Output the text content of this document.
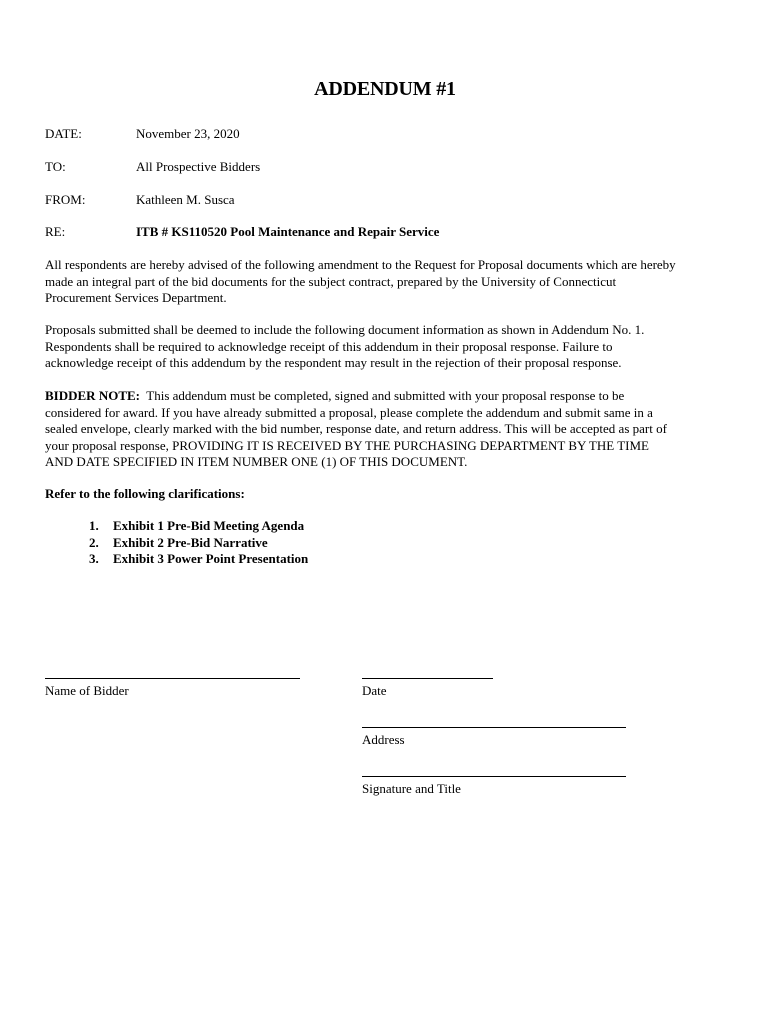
ADDENDUM #1
DATE:	November 23, 2020
TO:	All Prospective Bidders
FROM:	Kathleen M. Susca
RE:	ITB # KS110520 Pool Maintenance and Repair Service
All respondents are hereby advised of the following amendment to the Request for Proposal documents which are hereby
made an integral part of the bid documents for the subject contract, prepared by the University of Connecticut
Procurement Services Department.
Proposals submitted shall be deemed to include the following document information as shown in Addendum No. 1.
Respondents shall be required to acknowledge receipt of this addendum in their proposal response. Failure to
acknowledge receipt of this addendum by the respondent may result in the rejection of their proposal response.
BIDDER NOTE:  This addendum must be completed, signed and submitted with your proposal response to be
considered for award. If you have already submitted a proposal, please complete the addendum and submit same in a
sealed envelope, clearly marked with the bid number, response date, and return address. This will be accepted as part of
your proposal response, PROVIDING IT IS RECEIVED BY THE PURCHASING DEPARTMENT BY THE TIME
AND DATE SPECIFIED IN ITEM NUMBER ONE (1) OF THIS DOCUMENT.
Refer to the following clarifications:
1. Exhibit 1 Pre-Bid Meeting Agenda
2. Exhibit 2 Pre-Bid Narrative
3. Exhibit 3 Power Point Presentation
Name of Bidder	Date
Address
Signature and Title
